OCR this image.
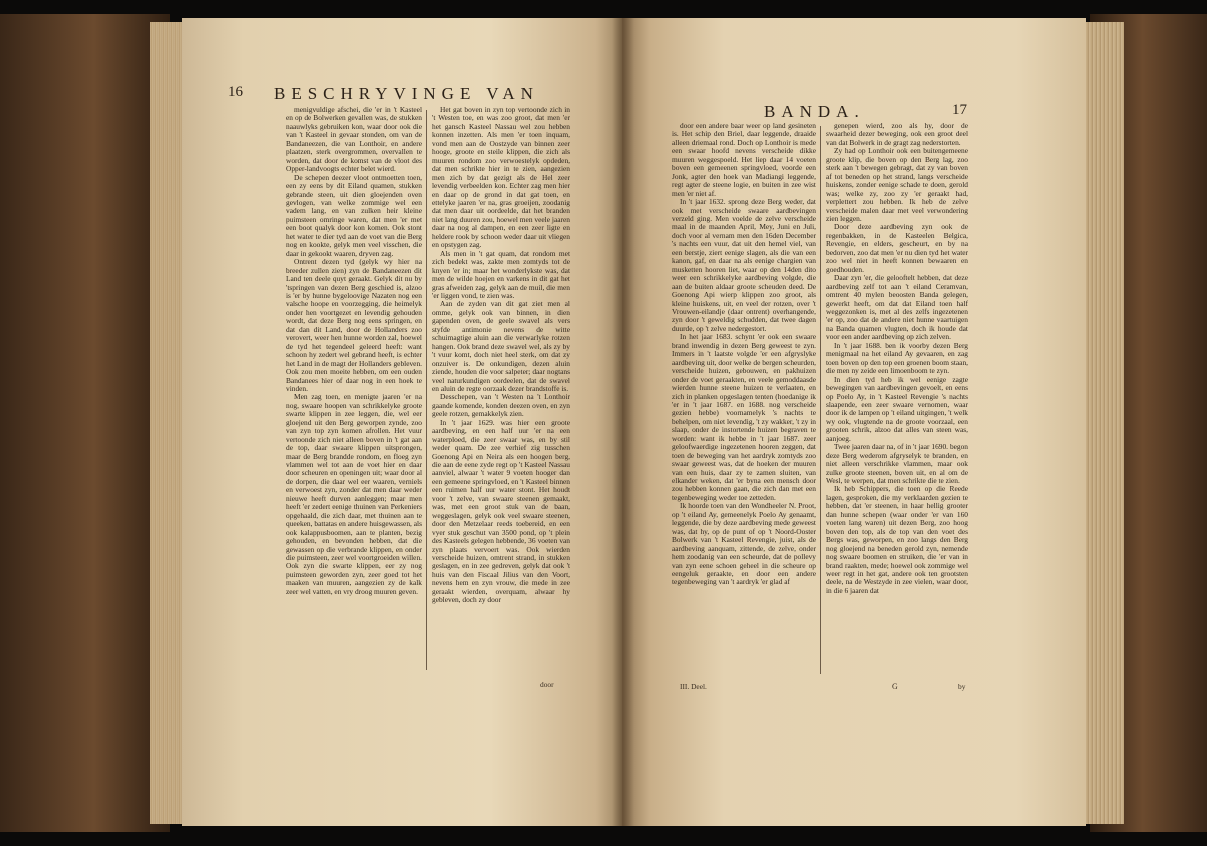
16 BESCHRYVINGE VAN

menigvuldige afschei, die 'er in 't Kasteel en op de Bolwerken gevallen was, de stukken naauwlyks gebruiken kon, waar door ook die van 't Kasteel in gevaar stonden, om van de Bandaneezen, die van Lonthoir, en andere plaatzen, sterk overgrommen, overvallen te worden, dat door de komst van de vloot des Opper-landvoogts echter belet wierd.

De schepen deezer vloot ontmoetten toen, een zy eens by dit Eiland quamen, stukken gebrande steen, uit dien gloejenden oven gevlogen, van welke zommige wel een vadem lang, en van zulken heir kleine puimsteen omringe waren, dat men 'er met een boot qualyk door kon komen. Ook stont het water te dier tyd aan de voet van die Berg nog en kookte, gelyk men veel visschen, die daar in gekookt waaren, dryven zag.

Ontrent dezen tyd (gelyk wy hier na breeder zullen zien) zyn de Bandaneezen dit Land ten deele quyt geraakt. Gelyk dit nu by 'tspringen van dezen Berg geschied is, alzoo is 'er by hunne bygeloovige Nazaten nog een valsche hoope en voorzegging, die heimelyk onder hen voortgezet en levendig gehouden wordt, dat deze Berg nog eens springen, en dat dan dit Land, door de Hollanders zoo verovert, weer hen hunne worden zal, hoewel de tyd het tegendeel geleerd heeft: want schoon hy zedert wel gebrand heeft, is echter het Land in de magt der Hollanders gebleven. Ook zou men moeite hebben, om een ouden Bandanees hier of daar nog in een hoek te vinden.

Men zag toen, en menigte jaaren 'er na nog, swaare hoopen van schrikkelyke groote swarte klippen in zee leggen, die, wel eer gloejend uit den Berg geworpen zynde, zoo van zyn top zyn komen afrollen. Het vuur vertoonde zich niet alleen boven in 't gat aan de top, daar swaare klippen uitsprongen, maar de Berg brandde rondom, en floeg zyn vlammen wel tot aan de voet hier en daar door scheuren en openingen uit; waar door al de dorpen, die daar wel eer waaren, verniels en verwoest zyn, zonder dat men daar weder nieuwe heeft durven aanleggen; maar men heeft 'er zedert eenige thuinen van Perkeniers opgehaald, die zich daar, met thuinen aan te queeken, battatas en andere huisgewassen, als ook kalappusboomen, aan te planten, bezig gehouden, en bevonden hebben, dat die gewassen op die verbrande klippen, en onder die puimsteen, zeer wel voortgroeiden willen. Ook zyn die swarte klippen, eer zy nog puimsteen geworden zyn, zeer goed tot het maaken van muuren, aangezien zy de kalk zeer wel vatten, en vry droog muuren geven.

Het gat boven in zyn top vertoonde zich in 't Westen toe, en was zoo groot, dat men 'er het gansch Kasteel Nassau wel zou hebben konnen inzetten. Als men 'er toen inquam, vond men aan de Oostzyde van binnen zeer hooge, groote en steile klippen, die zich als muuren rondom zoo verwoestelyk opdeden, dat men schrikte hier in te zien, aangezien men zich by dat gezigt als de Hel zeer levendig verbeelden kon. Echter zag men hier en daar op de grond in dat gat toen, en ettelyke jaaren 'er na, gras groeijen, zoodanig dat men daar uit oordeelde, dat het branden niet lang duuren zou, hoewel men veele jaaren daar na nog al dampen, en een zeer ligte en heldere rook by schoon weder daar uit vliegen en opstygen zag.

Als men in 't gat quam, dat rondom met zich bedekt was, zakte men zomtyds tot de knyen 'er in; maar het wonderlykste was, dat men de wilde hoejen en varkens in dit gat het gras afweiden zag, gelyk aan de muil, die men 'er liggen vond, te zien was.

Aan de zyden van dit gat ziet men al omme, gelyk ook van binnen, in dien gapenden oven, de geele swavel als vers styfde antimonie nevens de witte schuimagtige aluin aan die verwarlyke rotzen hangen. Ook brand deze swavel wel, als zy by 't vuur komt, doch niet heel sterk, om dat zy onzuiver is. De onkundigen, dezen aluin ziende, houden die voor salpeter; daar nogtans veel naturkundigen oordeelen, dat de swavel en aluin de regte oorzaak dezer brandstoffe is.

Desschepen, van 't Westen na 't Lonthoir gaande komende, konden deezen oven, en zyn geele rotzen, gemakkelyk zien.

In 't jaar 1629. was hier een groote aardbeving, en een half uur 'er na een waterploed, die zeer swaar was, en by stil weder quam. De zee verhief zig tusschen Goenong Api en Neira als een hoogen berg, die aan de eene zyde regt op 't Kasteel Nassau aanviel, alwaar 't water 9 voeten hooger dan een gemeene springvloed, en 't Kasteel binnen een ruimen half uur water stont. Het houdt voor 't zelve, van swaare steenen gemaakt, was, met een groot stuk van de baan, weggeslagen, gelyk ook veel swaare steenen, door den Metzelaar reeds toebereid, en een vyer stuk geschut van 3500 pond, op 't plein des Kasteels gelegen hebbende, 36 voeten van zyn plaats vervoert was. Ook wierden verscheide huizen, omtrent strand, in stukken geslagen, en in zee gedreven, gelyk dat ook 't huis van den Fiscaal Jilius van den Voort, nevens hem en zyn vrouw, die mede in zee geraakt wierden, overquam, alwaar hy gebleven, doch zy door

door
BANDA.	17

door een andere baar weer op land gesineten is. Het schip den Briel, daar leggende, draaide alleen driemaal rond. Doch op Lonthoir is mede een swaar hoofd nevens verscheide dikke muuren weggespoeld. Het liep daar 14 voeten boven een gemeenen springvloed, voorde een Jonk, agter den hoek van Madiangi leggende, regt agter de steene logie, en buiten in zee wist men 'er niet af.

In 't jaar 1632. sprong deze Berg weder, dat ook met verscheide swaare aardbevingen verzeld ging. Men voelde de zelve verscheide maal in de maanden April, Mey, Juni en Juli, doch voor al vernam men den 16den December 's nachts een vuur, dat uit den hemel viel, van een berstje, ziert eenige slagen, als die van een kanon, gaf, en daar na als eenige chargien van musketten hooren liet, waar op den 14den dito weer een schrikkelyke aardbeving volgde, die aan de buiten aldaar groote scheuden deed. De Goenong Api wierp klippen zoo groot, als kleine huiskens, uit, en veel der rotzen, over 't Vrouwen-eilandje (daar ontrent) overhangende, zyn door 't geweldig schudden, dat twee dagen duurde, op 't zelve nedergestort.

In het jaar 1683. schynt 'er ook een swaare brand inwendig in dezen Berg geweest te zyn. Immers in 't laatste volgde 'er een afgryslyke aardbeving uit, door welke de bergen scheurden, verscheide huizen, gebouwen, en pakhuizen onder de voet geraakten, en veele gemoddaasde wierden hunne steene huizen te verlaaten, en zich in planken opgeslagen tenten (hoedanige ik 'er in 't jaar 1687. en 1688. nog verscheide gezien hebbe) voornamelyk 's nachts te behelpen, om niet levendig, 't zy wakker, 't zy in slaap, onder de instortende huizen begraven te worden: want ik hebbe in 't jaar 1687. zeer geloofwaerdige ingezetenen hooren zeggen, dat toen de beweging van het aardryk zomtyds zoo swaar geweest was, dat de hoeken der muuren van een huis, daar zy te zamen sluiten, van elkander weken, dat 'er byna een mensch door zou hebben konnen gaan, die zich dan met een tegenbeweging weder toe zetteden.

Ik hoorde toen van den Wondheeler N. Proot, op 't eiland Ay, gemeenelyk Poelo Ay genaamt, leggende, die by deze aardbeving mede geweest was, dat hy, op de punt of op 't Noord-Ooster Bolwerk van 't Kasteel Revengie, juist, als de aardbeving aanquam, zittende, de zelve, onder hem zoodanig van een scheurde, dat de pollevy van zyn eene schoen geheel in die scheure op eengeluk geraakte, en door een andere tegenbeweging van 't aardryk 'er glad af

genepen wierd, zoo als hy, door de swaarheid dezer beweging, ook een groot deel van dat Bolwerk in de gragt zag nederstorten.

Zy had op Lonthoir ook een buitengemeene groote klip, die boven op den Berg lag, zoo sterk aan 't bewegen gebragt, dat zy van boven af tot beneden op het strand, langs verscheide huiskens, zonder eenige schade te doen, gerold was; welke zy, zoo zy 'er geraakt had, verplettert zou hebben. Ik heb de zelve verscheide malen daar met veel verwondering zien leggen.

Door deze aardbeving zyn ook de regenbakken, in de Kasteelen Belgica, Revengie, en elders, gescheurt, en by na bedorven, zoo dat men 'er nu dien tyd het water zoo wel niet in heeft konnen bewaaren en goedhouden.

Daar zyn 'er, die gelooftelt hebben, dat deze aardbeving zelf tot aan 't eiland Ceramvan, omtrent 40 mylen beoosten Banda gelegen, gewerkt heeft, om dat dat Eiland toen half weggezonken is, met al des zelfs ingezetenen 'er op, zoo dat de andere niet hunne vaartuigen na Banda quamen vlugten, doch ik houde dat voor een ander aardbeving op zich zelven.

In 't jaar 1688. ben ik voorby dezen Berg menigmaal na het eiland Ay gevaaren, en zag toen boven op den top een groenen boom staan, die men ny zeide een limoenboom te zyn.

In dien tyd heb ik wel eenige zagte bewegingen van aardbevingen gevoelt, en eens op Poelo Ay, in 't Kasteel Revengie 's nachts slaapende, een zeer swaare vernomen, waar door ik de lampen op 't eiland uitgingen, 't welk wy ook, vlugtende na de groote voorzaal, een grooten schrik, alzoo dat alles van steen was, aanjoeg.

Twee jaaren daar na, of in 't jaar 1690. begon deze Berg wederom afgryselyk te branden, en niet alleen verschrikke vlammen, maar ook zulke groote steenen, boven uit, en al om de Wesl, te werpen, dat men schrikte die te zien.

Ik heb Schippers, die toen op die Reede lagen, gesproken, die my verklaarden gezien te hebben, dat 'er steenen, in haar hellig grooter dan hunne schepen (waar onder 'er van 160 voeten lang waren) uit dezen Berg, zoo hoog boven den top, als de top van den voet des Bergs was, geworpen, en zoo langs den Berg nog gloejend na beneden gerold zyn, nemende nog swaare boomen en struiken, die 'er van in brand raakten, mede; hoewel ook zommige wel weer regt in het gat, andere ook ten grootsten deele, na de Westzyde in zee vielen, waar door, in die 6 jaaren dat

III. Deel.	G	by
